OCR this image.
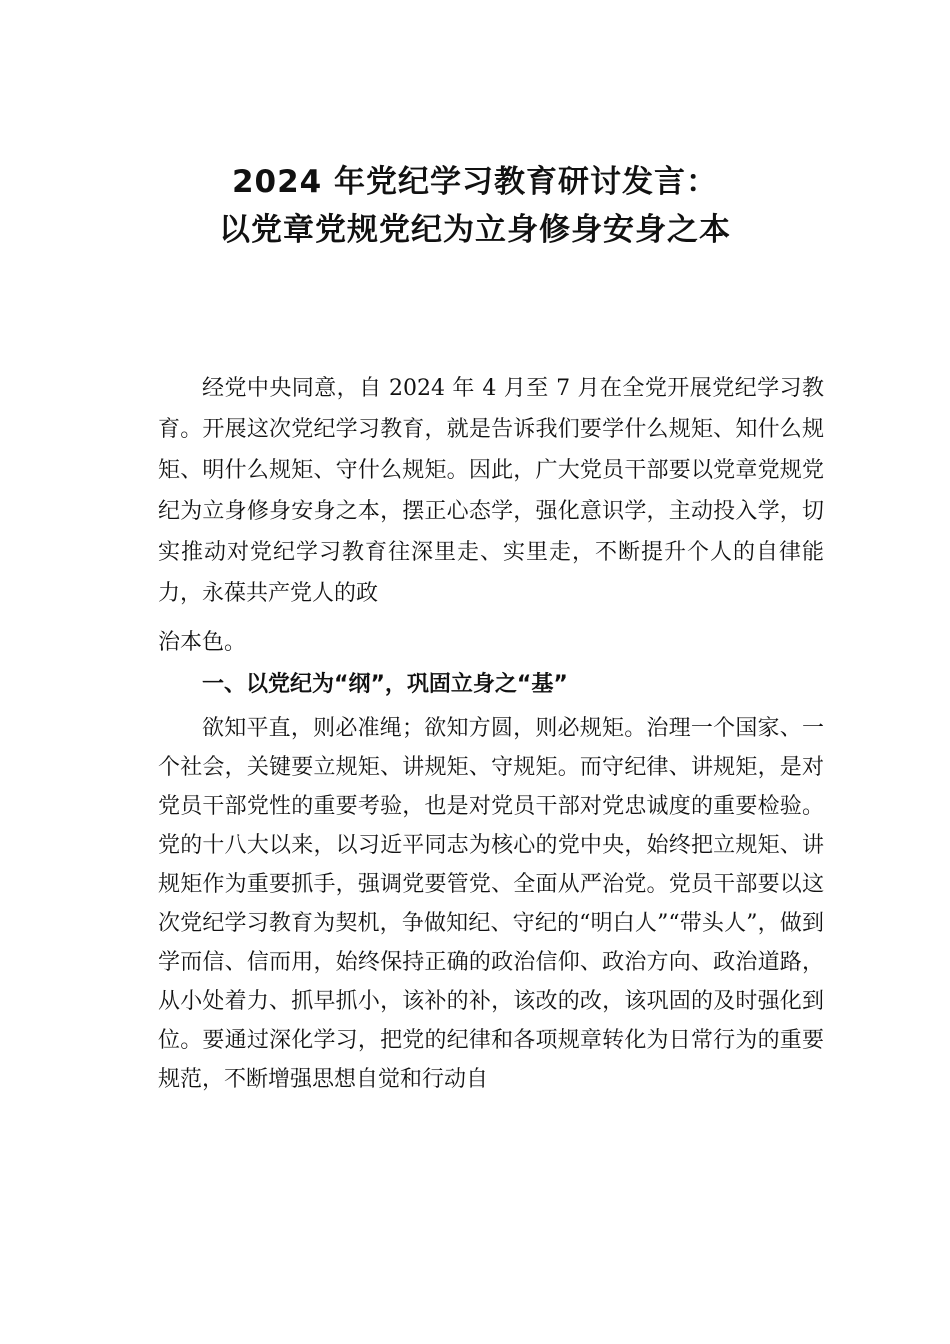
2024 年党纪学习教育研讨发言：

以党章党规党纪为立身修身安身之本

经党中央同意，自 2024 年 4 月至 7 月在全党开展党纪学习教育。开展这次党纪学习教育，就是告诉我们要学什么规矩、知什么规矩、明什么规矩、守什么规矩。因此，广大党员干部要以党章党规党纪为立身修身安身之本，摆正心态学，强化意识学，主动投入学，切实推动对党纪学习教育往深里走、实里走，不断提升个人的自律能力，永葆共产党人的政

治本色。

一、以党纪为“纲”，巩固立身之“基”

欲知平直，则必准绳；欲知方圆，则必规矩。治理一个国家、一个社会，关键要立规矩、讲规矩、守规矩。而守纪律、讲规矩，是对党员干部党性的重要考验，也是对党员干部对党忠诚度的重要检验。党的十八大以来，以习近平同志为核心的党中央，始终把立规矩、讲规矩作为重要抓手，强调党要管党、全面从严治党。党员干部要以这次党纪学习教育为契机，争做知纪、守纪的“明白人”“带头人”，做到学而信、信而用，始终保持正确的政治信仰、政治方向、政治道路，从小处着力、抓早抓小，该补的补，该改的改，该巩固的及时强化到位。要通过深化学习，把党的纪律和各项规章转化为日常行为的重要规范，不断增强思想自觉和行动自
